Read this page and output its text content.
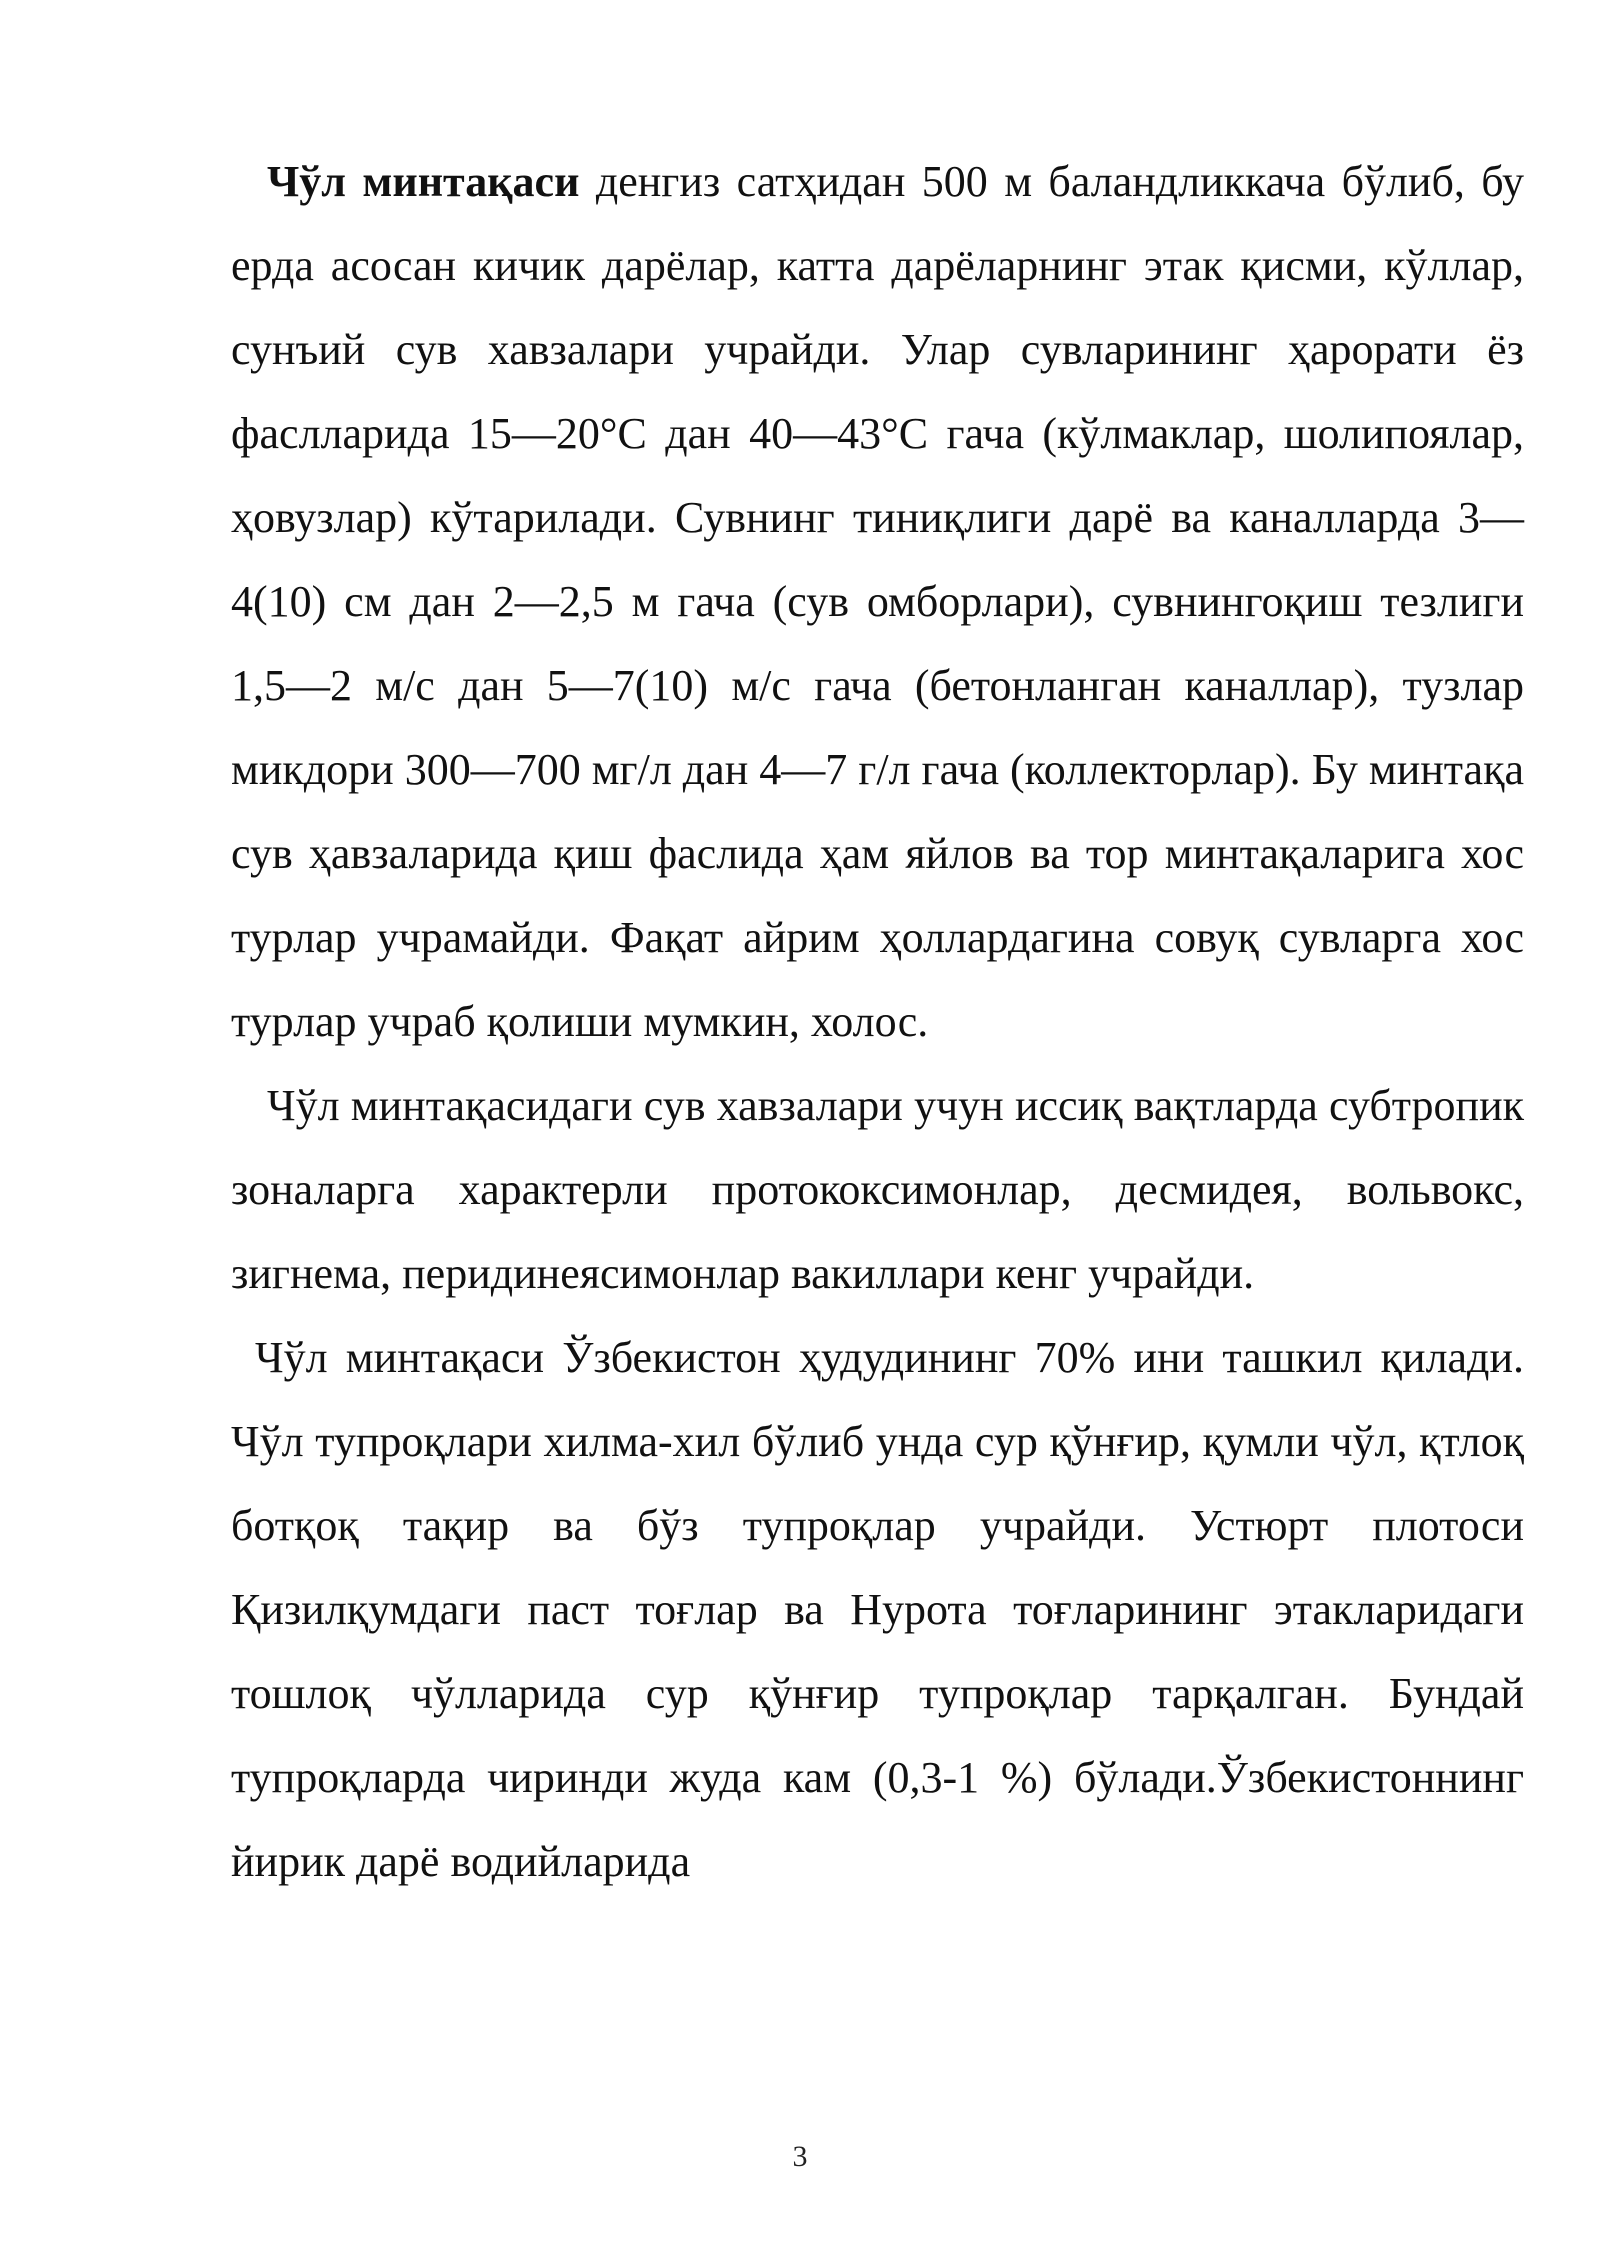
Чўл минтақаси денгиз сатҳидан 500 м баландликкача бўлиб, бу ерда асосан кичик дарёлар, катта дарёларнинг этак қисми, кўллар, сунъий сув хавзалари учрайди. Улар сувларининг ҳарорати ёз фаслларида 15—20°С дан 40—43°С гача (кўлмаклар, шолипоялар, ҳовузлар) кўтарилади. Сувнинг тиниқлиги дарё ва каналларда 3—4(10) см дан 2—2,5 м гача (сув омборлари), сувнингоқиш тезлиги 1,5—2 м/с дан 5—7(10) м/с гача (бетонланган каналлар), тузлар микдори 300—700 мг/л дан 4—7 г/л гача (коллекторлар). Бу минтақа сув ҳавзаларида қиш фаслида ҳам яйлов ва тор минтақаларига хос турлар учрамайди. Фақат айрим ҳоллардагина совуқ сувларга хос турлар учраб қолиши мумкин, холос.

Чўл минтақасидаги сув хавзалари учун иссиқ вақтларда субтропик зоналарга характерли протококсимонлар, десмидея, вольвокс, зигнема, перидинеясимонлар вакиллари кенг учрайди.

Чўл минтақаси Ўзбекистон ҳудудининг 70% ини ташкил қилади. Чўл тупроқлари хилма-хил бўлиб унда сур қўнғир, қумли чўл, қтлоқ ботқоқ тақир ва бўз тупроқлар учрайди. Устюрт плотоси Қизилқумдаги паст тоғлар ва Нурота тоғларининг этакларидаги тошлоқ чўлларида сур қўнғир тупроқлар тарқалган. Бундай тупроқларда чиринди жуда кам (0,3-1 %) бўлади.Ўзбекистоннинг йирик дарё водийларида

3
